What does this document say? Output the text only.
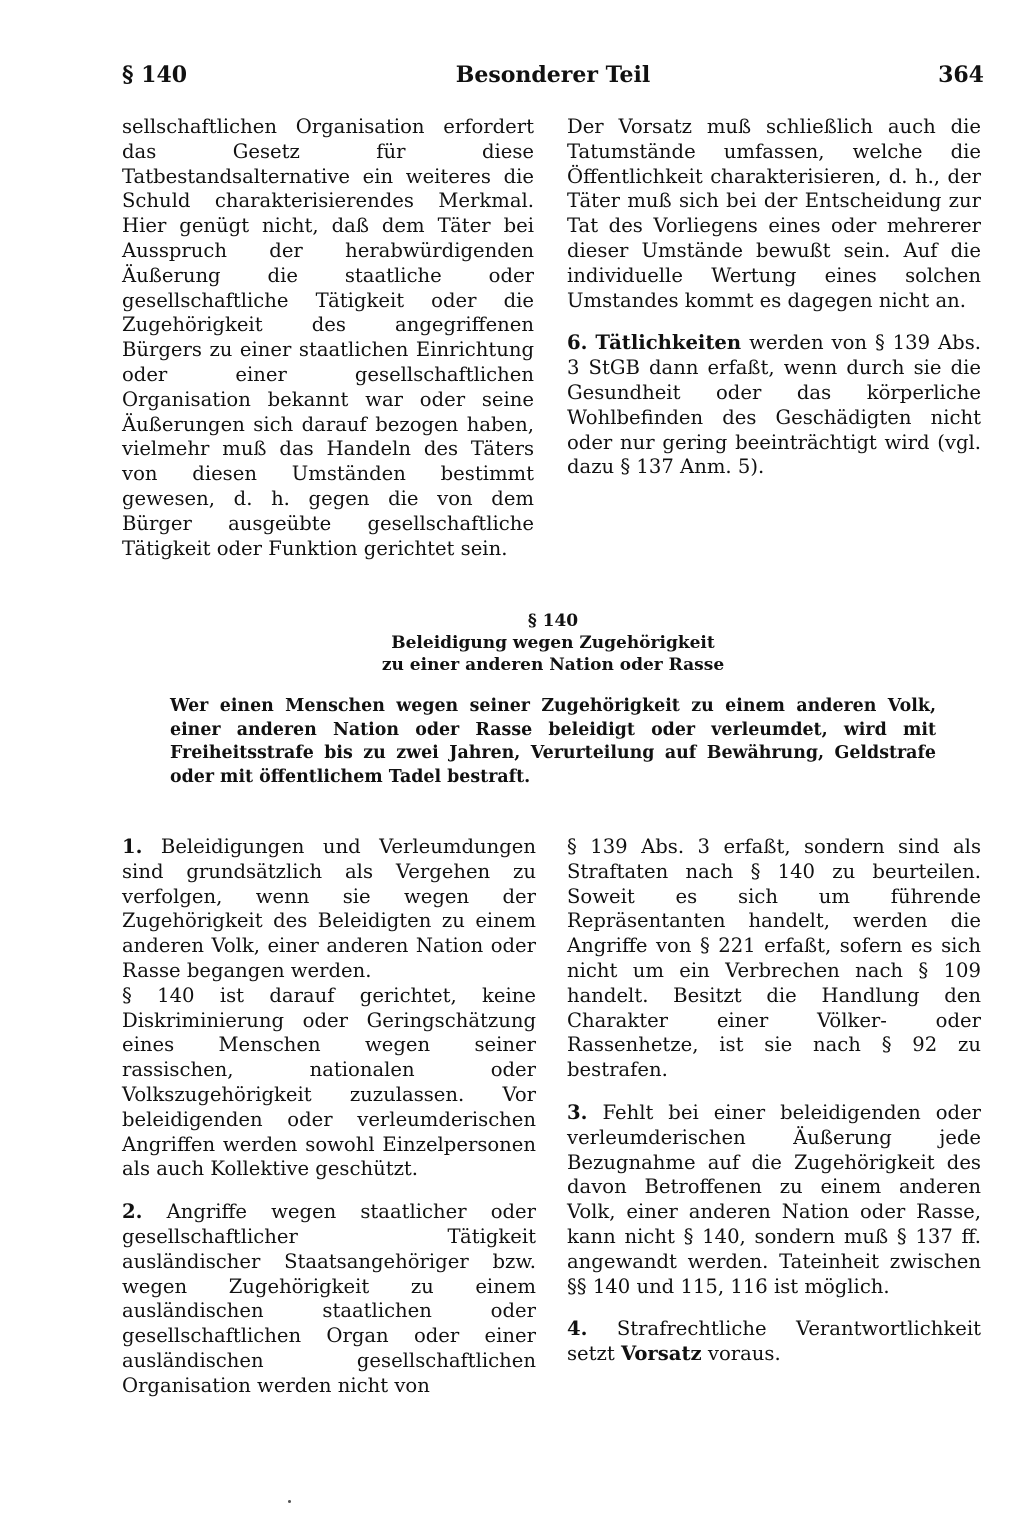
§ 140	Besonderer Teil	364

sellschaftlichen Organisation erfordert das Gesetz für diese Tatbestandsalternative ein weiteres die Schuld charakterisierendes Merkmal. Hier genügt nicht, daß dem Täter bei Ausspruch der herabwürdigenden Äußerung die staatliche oder gesellschaftliche Tätigkeit oder die Zugehörigkeit des angegriffenen Bürgers zu einer staatlichen Einrichtung oder einer gesellschaftlichen Organisation bekannt war oder seine Äußerungen sich darauf bezogen haben, vielmehr muß das Handeln des Täters von diesen Umständen bestimmt gewesen, d. h. gegen die von dem Bürger ausgeübte gesellschaftliche Tätigkeit oder Funktion gerichtet sein.

Der Vorsatz muß schließlich auch die Tatumstände umfassen, welche die Öffentlichkeit charakterisieren, d. h., der Täter muß sich bei der Entscheidung zur Tat des Vorliegens eines oder mehrerer dieser Umstände bewußt sein. Auf die individuelle Wertung eines solchen Umstandes kommt es dagegen nicht an.

6. Tätlichkeiten werden von § 139 Abs. 3 StGB dann erfaßt, wenn durch sie die Gesundheit oder das körperliche Wohlbefinden des Geschädigten nicht oder nur gering beeinträchtigt wird (vgl. dazu § 137 Anm. 5).

§ 140
Beleidigung wegen Zugehörigkeit
zu einer anderen Nation oder Rasse
Wer einen Menschen wegen seiner Zugehörigkeit zu einem anderen Volk, einer anderen Nation oder Rasse beleidigt oder verleumdet, wird mit Freiheitsstrafe bis zu zwei Jahren, Verurteilung auf Bewährung, Geldstrafe oder mit öffentlichem Tadel bestraft.

1. Beleidigungen und Verleumdungen sind grundsätzlich als Vergehen zu verfolgen, wenn sie wegen der Zugehörigkeit des Beleidigten zu einem anderen Volk, einer anderen Nation oder Rasse begangen werden.

§ 140 ist darauf gerichtet, keine Diskriminierung oder Geringschätzung eines Menschen wegen seiner rassischen, nationalen oder Volkszugehörigkeit zuzulassen. Vor beleidigenden oder verleumderischen Angriffen werden sowohl Einzelpersonen als auch Kollektive geschützt.

2. Angriffe wegen staatlicher oder gesellschaftlicher Tätigkeit ausländischer Staatsangehöriger bzw. wegen Zugehörigkeit zu einem ausländischen staatlichen oder gesellschaftlichen Organ oder einer ausländischen gesellschaftlichen Organisation werden nicht von

§ 139 Abs. 3 erfaßt, sondern sind als Straftaten nach § 140 zu beurteilen. Soweit es sich um führende Repräsentanten handelt, werden die Angriffe von § 221 erfaßt, sofern es sich nicht um ein Verbrechen nach § 109 handelt. Besitzt die Handlung den Charakter einer Völker- oder Rassenhetze, ist sie nach § 92 zu bestrafen.

3. Fehlt bei einer beleidigenden oder verleumderischen Äußerung jede Bezugnahme auf die Zugehörigkeit des davon Betroffenen zu einem anderen Volk, einer anderen Nation oder Rasse, kann nicht § 140, sondern muß § 137 ff. angewandt werden. Tateinheit zwischen §§ 140 und 115, 116 ist möglich.

4. Strafrechtliche Verantwortlichkeit setzt Vorsatz voraus.
